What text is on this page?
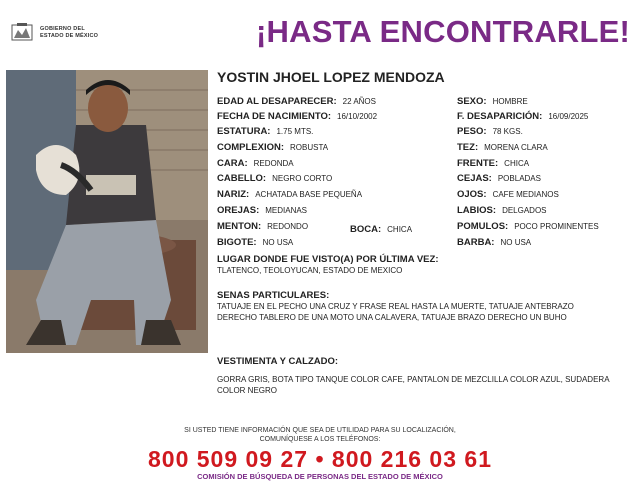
GOBIERNO DEL
ESTADO DE MÉXICO	¡HASTA ENCONTRARLE!
YOSTIN JHOEL LOPEZ MENDOZA
EDAD AL DESAPARECER: 22 AÑOS	SEXO: HOMBRE
FECHA DE NACIMIENTO: 16/10/2002	F. DESAPARICIÓN: 16/09/2025
ESTATURA: 1.75 MTS.	PESO: 78 KGS.
COMPLEXION: ROBUSTA	TEZ: MORENA CLARA
CARA: REDONDA	FRENTE: CHICA
CABELLO: NEGRO CORTO	CEJAS: POBLADAS
NARIZ: ACHATADA BASE PEQUEÑA	OJOS: CAFE MEDIANOS
OREJAS: MEDIANAS	LABIOS: DELGADOS
MENTON: REDONDO	BOCA: CHICA	POMULOS: POCO PROMINENTES
BIGOTE: NO USA	BARBA: NO USA
LUGAR DONDE FUE VISTO(A) POR ÚLTIMA VEZ:
TLATENCO, TEOLOYUCAN, ESTADO DE MEXICO
SENAS PARTICULARES:
TATUAJE EN EL PECHO UNA CRUZ Y FRASE REAL HASTA LA MUERTE, TATUAJE ANTEBRAZO DERECHO TABLERO DE UNA MOTO UNA CALAVERA, TATUAJE BRAZO DERECHO UN BUHO
VESTIMENTA Y CALZADO:
GORRA GRIS, BOTA TIPO TANQUE COLOR CAFE, PANTALON DE MEZCLILLA COLOR AZUL, SUDADERA COLOR NEGRO
SI USTED TIENE INFORMACIÓN QUE SEA DE UTILIDAD PARA SU LOCALIZACIÓN,
COMUNÍQUESE A LOS TELÉFONOS:
800 509 09 27 • 800 216 03 61
COMISIÓN DE BÚSQUEDA DE PERSONAS DEL ESTADO DE MÉXICO
